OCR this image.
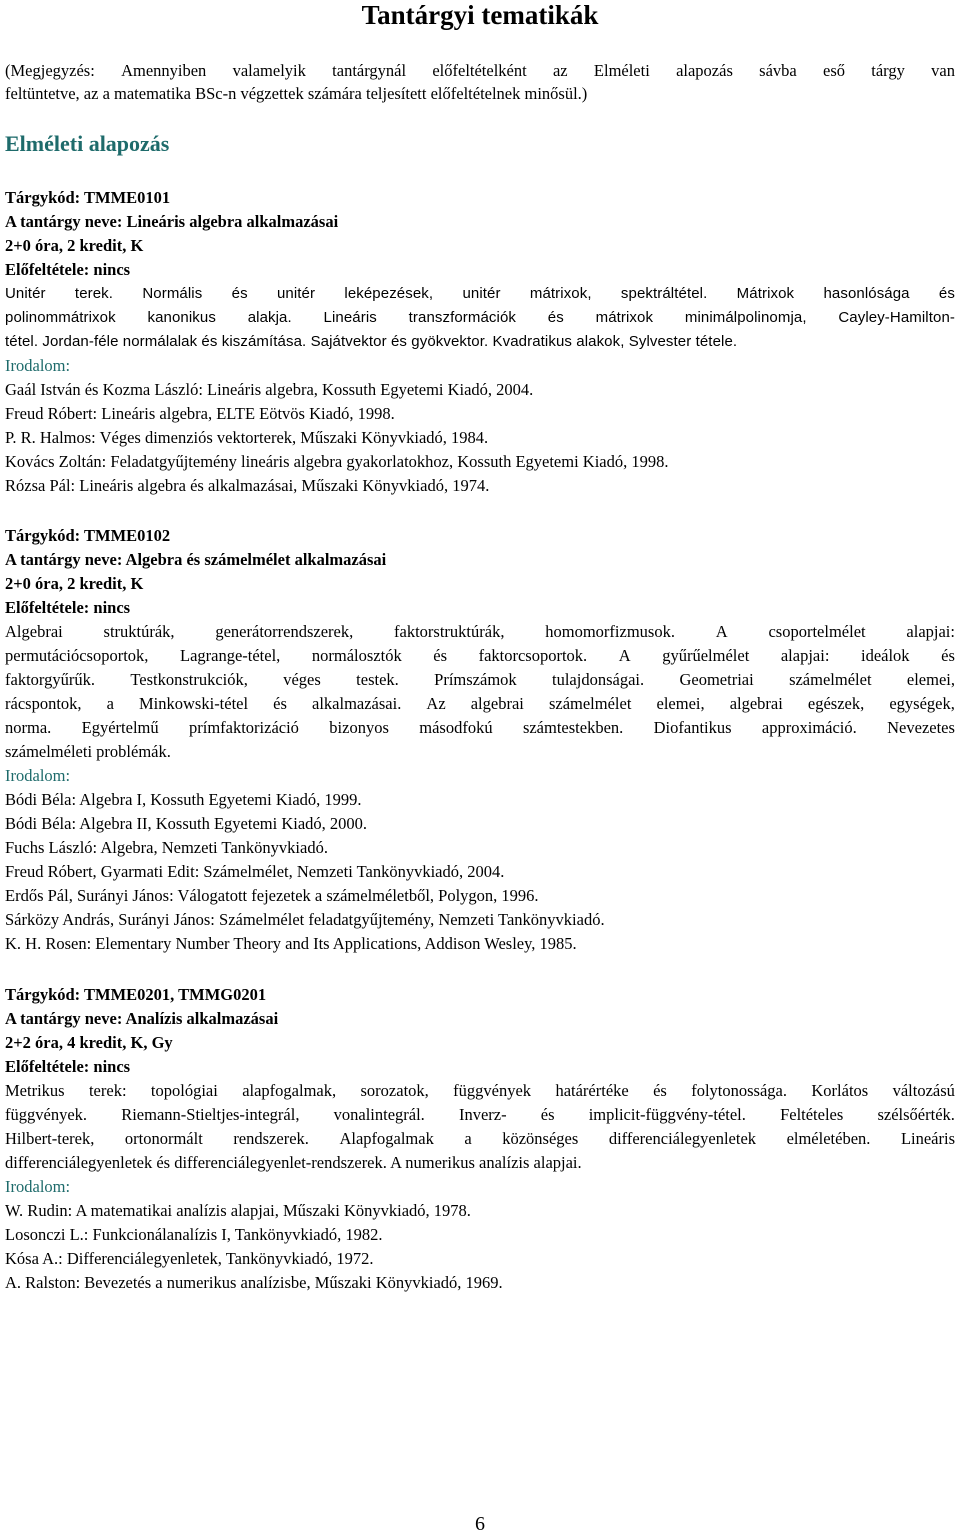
Tantárgyi tematikák
(Megjegyzés: Amennyiben valamelyik tantárgynál előfeltételként az Elméleti alapozás sávba eső tárgy van
feltüntetve, az a matematika BSc-n végzettek számára teljesített előfeltételnek minősül.)
Elméleti alapozás
Tárgykód: TMME0101
A tantárgy neve: Lineáris algebra alkalmazásai
2+0 óra, 2 kredit, K
Előfeltétele: nincs
Unitér terek. Normális és unitér leképezések, unitér mátrixok, spektráltétel. Mátrixok hasonlósága és
polinommátrixok kanonikus alakja. Lineáris transzformációk és mátrixok minimálpolinomja, Cayley-Hamilton-
tétel. Jordan-féle normálalak és kiszámítása. Sajátvektor és gyökvektor. Kvadratikus alakok, Sylvester tétele.
Irodalom:
Gaál István és Kozma László: Lineáris algebra, Kossuth Egyetemi Kiadó, 2004.
Freud Róbert: Lineáris algebra, ELTE Eötvös Kiadó, 1998.
P. R. Halmos: Véges dimenziós vektorterek, Műszaki Könyvkiadó, 1984.
Kovács Zoltán: Feladatgyűjtemény lineáris algebra gyakorlatokhoz, Kossuth Egyetemi Kiadó, 1998.
Rózsa Pál: Lineáris algebra és alkalmazásai, Műszaki Könyvkiadó, 1974.
Tárgykód: TMME0102
A tantárgy neve: Algebra és számelmélet alkalmazásai
2+0 óra, 2 kredit, K
Előfeltétele: nincs
Algebrai struktúrák, generátorrendszerek, faktorstruktúrák, homomorfizmusok. A csoportelmélet alapjai:
permutációcsoportok, Lagrange-tétel, normálosztók és faktorcsoportok. A gyűrűelmélet alapjai: ideálok és
faktorgyűrűk. Testkonstrukciók, véges testek. Prímszámok tulajdonságai. Geometriai számelmélet elemei,
rácspontok, a Minkowski-tétel és alkalmazásai. Az algebrai számelmélet elemei, algebrai egészek, egységek,
norma. Egyértelmű prímfaktorizáció bizonyos másodfokú számtestekben. Diofantikus approximáció. Nevezetes
számelméleti problémák.
Irodalom:
Bódi Béla: Algebra I, Kossuth Egyetemi Kiadó, 1999.
Bódi Béla: Algebra II, Kossuth Egyetemi Kiadó, 2000.
Fuchs László: Algebra, Nemzeti Tankönyvkiadó.
Freud Róbert, Gyarmati Edit: Számelmélet, Nemzeti Tankönyvkiadó, 2004.
Erdős Pál, Surányi János: Válogatott fejezetek a számelméletből, Polygon, 1996.
Sárközy András, Surányi János: Számelmélet feladatgyűjtemény, Nemzeti Tankönyvkiadó.
K. H. Rosen: Elementary Number Theory and Its Applications, Addison Wesley, 1985.
Tárgykód: TMME0201, TMMG0201
A tantárgy neve: Analízis alkalmazásai
2+2 óra, 4 kredit, K, Gy
Előfeltétele: nincs
Metrikus terek: topológiai alapfogalmak, sorozatok, függvények határértéke és folytonossága. Korlátos változású
függvények. Riemann-Stieltjes-integrál, vonalintegrál. Inverz- és implicit-függvény-tétel. Feltételes szélsőérték.
Hilbert-terek, ortonormált rendszerek. Alapfogalmak a közönséges differenciálegyenletek elméletében. Lineáris
differenciálegyenletek és differenciálegyenlet-rendszerek. A numerikus analízis alapjai.
Irodalom:
W. Rudin: A matematikai analízis alapjai, Műszaki Könyvkiadó, 1978.
Losonczi L.: Funkcionálanalízis I, Tankönyvkiadó, 1982.
Kósa A.: Differenciálegyenletek, Tankönyvkiadó, 1972.
A. Ralston: Bevezetés a numerikus analízisbe, Műszaki Könyvkiadó, 1969.
6
